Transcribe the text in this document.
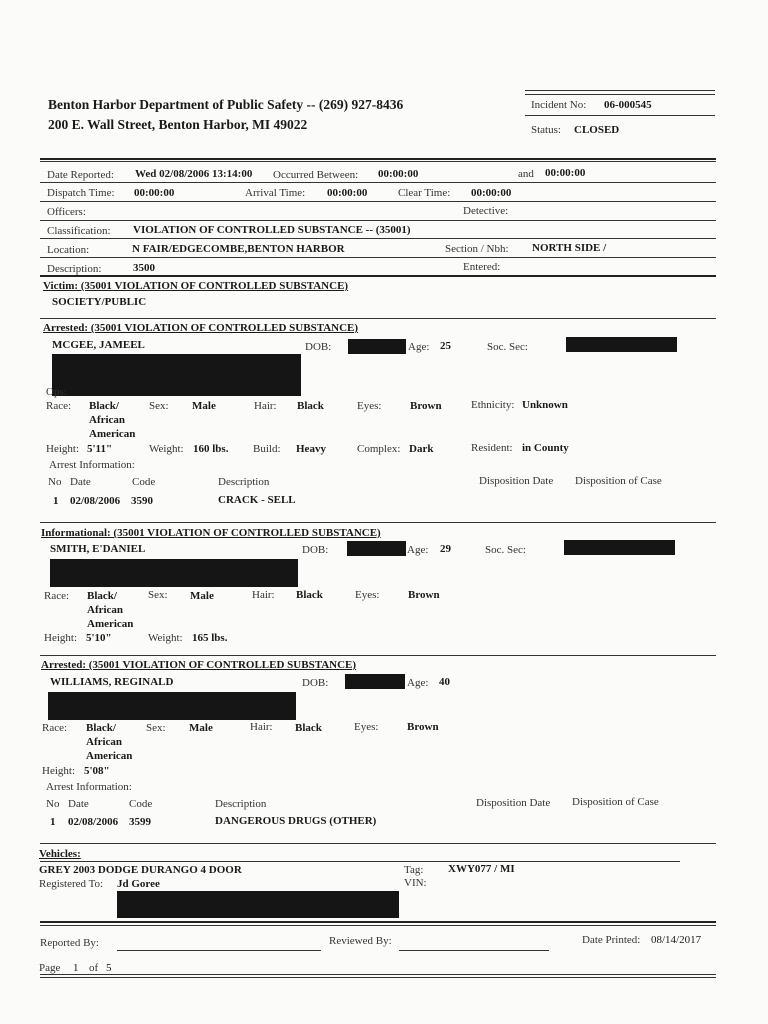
Benton Harbor Department of Public Safety -- (269) 927-8436
200 E. Wall Street, Benton Harbor, MI 49022
Incident No: 06-000545
Status: CLOSED
Date Reported: Wed 02/08/2006 13:14:00 Occurred Between: 00:00:00	and 00:00:00
Dispatch Time: 00:00:00	Arrival Time: 00:00:00	Clear Time: 00:00:00
Officers:	Detective:
Classification: VIOLATION OF CONTROLLED SUBSTANCE -- (35001)
Location:	N FAIR/EDGECOMBE,BENTON HARBOR	Section / Nbh: NORTH SIDE /
Description:	3500	Entered:
Victim: (35001 VIOLATION OF CONTROLLED SUBSTANCE)
SOCIETY/PUBLIC
Arrested: (35001 VIOLATION OF CONTROLLED SUBSTANCE)
MCGEE, JAMEEL	DOB:	Age: 25	Soc. Sec:
Ops:
Race: Black/
African
American
Sex: Male	Hair: Black	Eyes:	Brown	Ethnicity: Unknown
Height: 5'11"	Weight: 160 lbs. Build: Heavy	Complex: Dark	Resident: in County
Arrest Information:
No Date	Code	Description	Disposition Date Disposition of Case
1 02/08/2006 3590	CRACK - SELL
Informational: (35001 VIOLATION OF CONTROLLED SUBSTANCE)
SMITH, E'DANIEL	DOB:	Age: 29	Soc. Sec:
Race: Black/
African
American
Sex: Male	Hair: Black	Eyes:	Brown
Height: 5'10"	Weight: 165 lbs.
Arrested: (35001 VIOLATION OF CONTROLLED SUBSTANCE)
WILLIAMS, REGINALD	DOB:	Age: 40
Race: Black/
African
American
Sex: Male	Hair: Black	Eyes:	Brown
Height: 5'08"
Arrest Information:
No Date	Code	Description	Disposition Date Disposition of Case
1 02/08/2006 3599	DANGEROUS DRUGS (OTHER)
Vehicles:
GREY 2003 DODGE DURANGO 4 DOOR
Registered To: Jd Goree
Tag: XWY077 / MI
VIN:
Reported By:	Reviewed By:	Date Printed: 08/14/2017
Page 1 of 5
